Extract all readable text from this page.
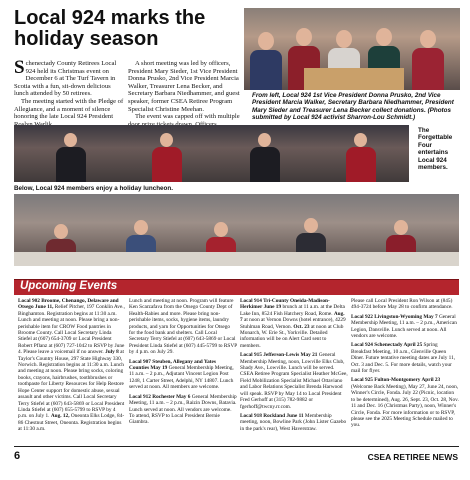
Local 924 marks the holiday season

Schenectady County Retirees Local 924 held its Christmas event on December 6 at The Turf Tavern in Scotia with a fun, sit-down delicious lunch attended by 50 retirees.

The meeting started with the Pledge of Allegiance, and a moment of silence honoring the late Local 924 President

A short meeting was led by officers, President Mary Sieder, 1st Vice President Donna Prusko, 2nd Vice President Marcia Walker, Treasurer Lena Becker, and Secretary Barbara Niedhammer, and guest speaker, former CSEA Retiree Program Specialist Christine Meehan.

The event was capped off with multiple

From left, Local 924 1st Vice President Donna Prusko, 2nd Vice President Marcia Walker, Secretary Barbara Niedhammer, President Mary Sieder and Treasurer Lena Becker collect donations. (Photos submitted by Local 924 activist Sharron-Lou Schmidt.)

The Forgettable Four entertains Local 924 members.

Below, Local 924 members enjoy a holiday luncheon.

Upcoming Events

Local 902 Broome, Chenango, Delaware and Otsego June 11, Relief Pitcher, 197 Conklin Ave., Binghamton. Registration begins at 11:30 a.m. Lunch and meeting at noon. Please bring a non-perishable item for CROW Food pantries in Broome County. Call Local Secretary Linda Stiefel at (607) 654-3709 or Local President Robert Pflanz at (607) 727-1042 to RSVP by June 4. Please leave a voicemail if no answer. July 8 at Taylor's Country House, 297 State Highway 330, Norwich. Registration begins at 11:30 a.m. Lunch and meeting at noon. Please bring socks, coloring books, crayons, hairbrushes, toothbrushes or toothpaste for Liberty Resources for Help Restore Hope Center support for domestic abuse, sexual assault and other victims. Call Local Secretary Terry Stiefel at (607) 643-5869 or Local President Linda Stiefel at (607) 655-5799 to RSVP by 4 p.m. on July 1. Aug. 12, Oneonta Elks Lodge, 84-86 Chestnut Street, Oneonta. Registration begins at 11:30 a.m.

Lunch and meeting at noon. Program will feature Ken Scarzafava from the Otsego County Dept of Health-Rabies and more. Please bring non-perishable items, socks, hygiene items, laundry products, and yarn for Opportunities for Otsego for the food bank and shelters. Call Local Secretary Terry Stiefel at (607) 643-5869 or Local President Linda Stiefel at (607) 445-5799 to RSVP by 4 p.m. on July 29.

Local 907 Steuben, Allegany and Yates Counties May 19 General Membership Meeting, 11 a.m. – 2 p.m., Adjutant Vincent Legion Post 1248, 1 Carter Street, Adelphi, NY 14807. Lunch served at noon. All members are welcome.

Local 912 Rochester May 6 General Membership Meeting, 11 a.m. – 2 p.m., Raizin Downs, Batavia. Lunch served at noon. All vendors are welcome. To attend, RSVP to Local President Bernie Giambra.

Local 914 Tri-County Oneida-Madison-Herkimer June 19 brunch at 11 a.m. at the Delta Lake Inn, 8524 Fish Hatchery Road, Rome. Aug. 7 at noon at Vernon Downs (hotel entrance), 4229 Stuhlman Road, Vernon. Oct. 23 at noon at Club Monarch, W. Erie St., Yorkville. Detailed information will be on Alert Card sent to members.

Local 915 Jefferson-Lewis May 21 General Membership Meeting, noon, Lowville Elks Club, Shady Ave., Lowville. Lunch will be served. CSEA Retiree Program Specialist Heather McGee, Field Mobilization Specialist Michael Ottaviano and Labor Relations Specialist Brenda Harwood will speak. RSVP by May 14 to Local President Fred Gerhoff at (315) 782-9882 or fgerhoff@twcny.rr.com.

Local 918 Rockland June 11 Membership meeting, noon, Bowline Park (John Lister Gazebo in the park's rear), West Haverstraw.

Please call Local President Ron Wilson at (845) 494-3724 before May 28 to confirm attendance.

Local 922 Livingston-Wyoming May 7 General Membership Meeting, 11 a.m. – 2 p.m., American Legion, Dansville. Lunch served at noon. All vendors are welcome.

Local 924 Schenectady April 25 Spring Breakfast Meeting, 10 a.m., Glenville Queen Diner. Future tentative meeting dates are July 11, Oct. 3 and Dec. 5. For more details, watch your mail for flyer.

Local 925 Fulton-Montgomery April 23 (Welcome Back Meeting), May 27, June 24, noon, Winner's Circle, Fonda. July 22 (Picnic, location to be determined), Aug. 26, Sept. 23, Oct. 28, Nov. 11 and Dec. 16 (Christmas Party), noon, Winner's Circle, Fonda. For more information or to RSVP, please see the 2025 Meeting Schedule mailed to you.

6	CSEA RETIREE NEWS
